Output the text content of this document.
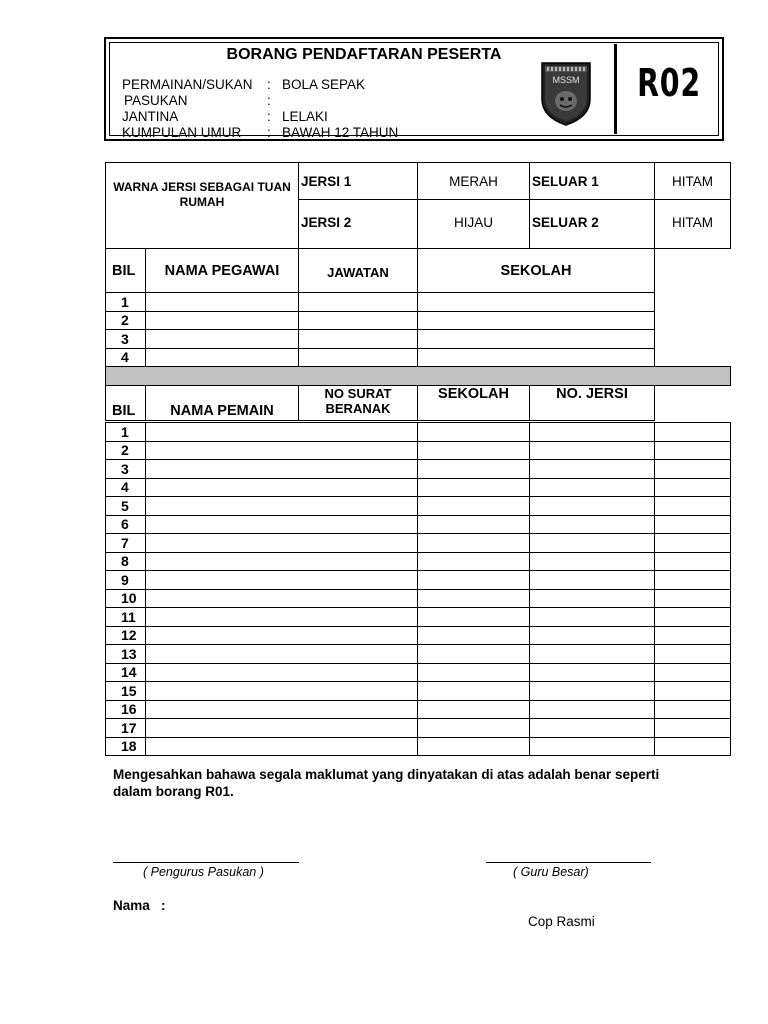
BORANG PENDAFTARAN PESERTA
PERMAINAN/SUKAN	: BOLA SEPAK
PASUKAN	:
JANTINA	: LELAKI
KUMPULAN UMUR	: BAWAH 12 TAHUN
MSSM R02
WARNA JERSI SEBAGAI TUAN RUMAH		JERSI 1	MERAH	SELUAR 1	HITAM
		JERSI 2	HIJAU	SELUAR 2	HITAM
BIL	NAMA PEGAWAI	JAWATAN	SEKOLAH	
1				
2				
3				
4				

BIL	NAMA PEMAIN	NO SURAT BERANAK	SEKOLAH	NO. JERSI
1				
2				
3				
4				
5				
6				
7				
8				
9				
10				
11				
12				
13				
14				
15				
16				
17				
18				
Mengesahkan bahawa segala maklumat yang dinyatakan di atas adalah benar seperti dalam borang R01.
( Pengurus Pasukan )	( Guru Besar)
Nama   :
Cop Rasmi
